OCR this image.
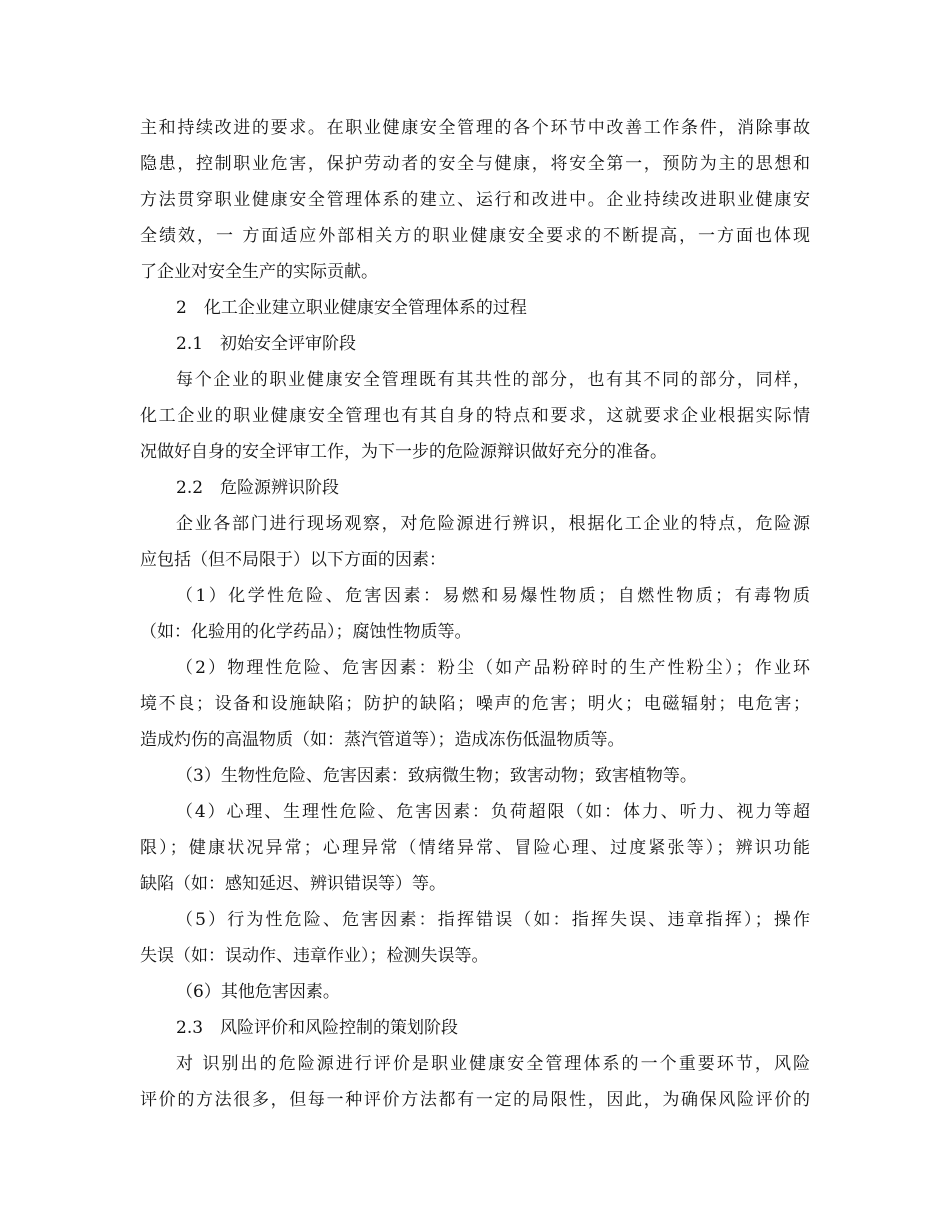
主和持续改进的要求。在职业健康安全管理的各个环节中改善工作条件，消除事故
隐患，控制职业危害，保护劳动者的安全与健康，将安全第一，预防为主的思想和
方法贯穿职业健康安全管理体系的建立、运行和改进中。企业持续改进职业健康安
全绩效，一 方面适应外部相关方的职业健康安全要求的不断提高，一方面也体现
了企业对安全生产的实际贡献。
2　化工企业建立职业健康安全管理体系的过程
2.1　初始安全评审阶段
每个企业的职业健康安全管理既有其共性的部分，也有其不同的部分，同样，
化工企业的职业健康安全管理也有其自身的特点和要求，这就要求企业根据实际情
况做好自身的安全评审工作，为下一步的危险源辩识做好充分的准备。
2.2　危险源辨识阶段
企业各部门进行现场观察，对危险源进行辨识，根据化工企业的特点，危险源
应包括（但不局限于）以下方面的因素：
（1）化学性危险、危害因素：易燃和易爆性物质；自燃性物质；有毒物质
（如：化验用的化学药品）；腐蚀性物质等。
（2）物理性危险、危害因素：粉尘（如产品粉碎时的生产性粉尘）；作业环
境不良；设备和设施缺陷；防护的缺陷；噪声的危害；明火；电磁辐射；电危害；
造成灼伤的高温物质（如：蒸汽管道等）；造成冻伤低温物质等。
（3）生物性危险、危害因素：致病微生物；致害动物；致害植物等。
（4）心理、生理性危险、危害因素：负荷超限（如：体力、听力、视力等超
限）；健康状况异常；心理异常（情绪异常、冒险心理、过度紧张等）；辨识功能
缺陷（如：感知延迟、辨识错误等）等。
（5）行为性危险、危害因素：指挥错误（如：指挥失误、违章指挥）；操作
失误（如：误动作、违章作业）；检测失误等。
（6）其他危害因素。
2.3　风险评价和风险控制的策划阶段
对 识别出的危险源进行评价是职业健康安全管理体系的一个重要环节，风险
评价的方法很多，但每一种评价方法都有一定的局限性，因此，为确保风险评价的
